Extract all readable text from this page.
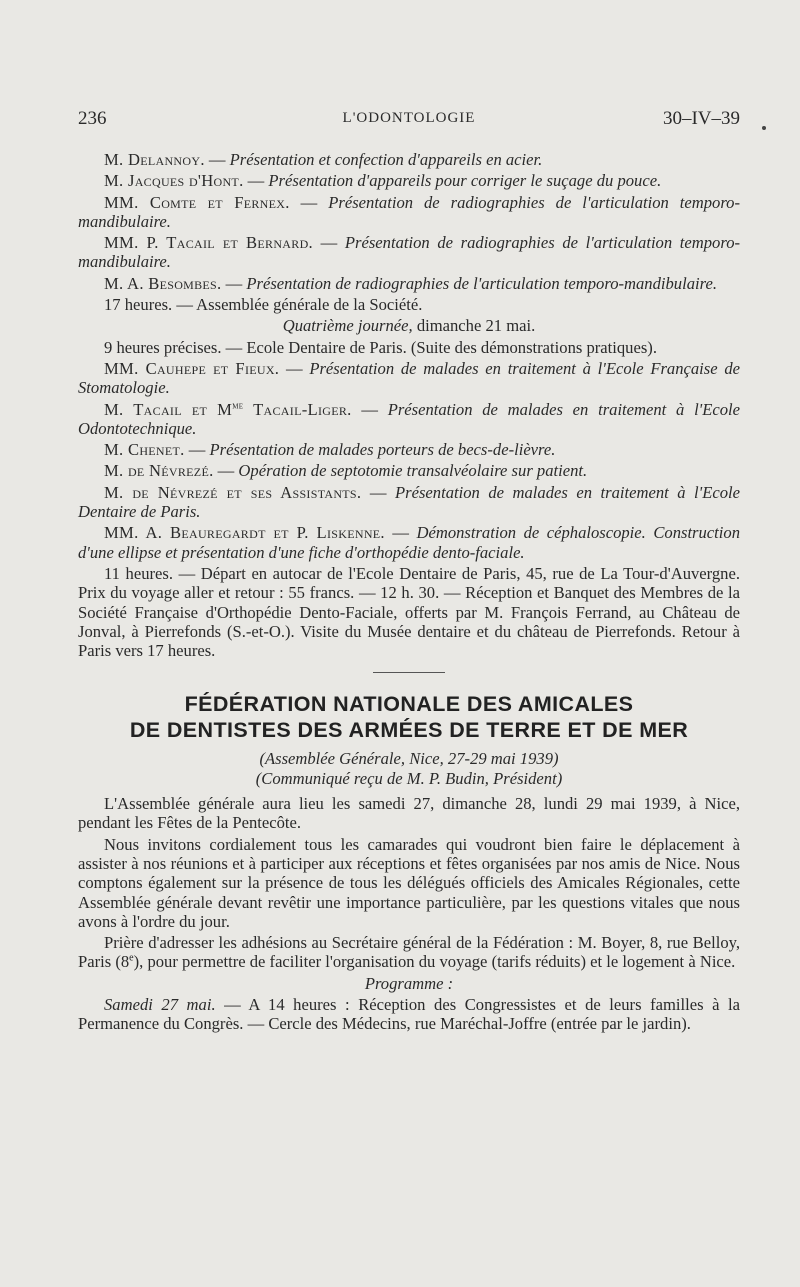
236	L'ODONTOLOGIE	30–IV–39

M. Delannoy. — Présentation et confection d'appareils en acier.

M. Jacques d'Hont. — Présentation d'appareils pour corriger le suçage du pouce.

MM. Comte et Fernex. — Présentation de radiographies de l'articulation temporo-mandibulaire.

MM. P. Tacail et Bernard. — Présentation de radiographies de l'articulation temporo-mandibulaire.

M. A. Besombes. — Présentation de radiographies de l'articulation temporo-mandibulaire.

17 heures. — Assemblée générale de la Société.

Quatrième journée, dimanche 21 mai.

9 heures précises. — Ecole Dentaire de Paris. (Suite des démonstrations pratiques).

MM. Cauhepe et Fieux. — Présentation de malades en traitement à l'Ecole Française de Stomatologie.

M. Tacail et $M^{me}$ Tacail-Liger. — Présentation de malades en traitement à l'Ecole Odontotechnique.

M. Chenet. — Présentation de malades porteurs de becs-de-lièvre.

M. de Névrezé. — Opération de septotomie transalvéolaire sur patient.

M. de Névrezé et ses Assistants. — Présentation de malades en traitement à l'Ecole Dentaire de Paris.

MM. A. Beauregardt et P. Liskenne. — Démonstration de céphaloscopie. Construction d'une ellipse et présentation d'une fiche d'orthopédie dento-faciale.

11 heures. — Départ en autocar de l'Ecole Dentaire de Paris, 45, rue de La Tour-d'Auvergne. Prix du voyage aller et retour : 55 francs. — 12 h. 30. — Réception et Banquet des Membres de la Société Française d'Orthopédie Dento-Faciale, offerts par M. François Ferrand, au Château de Jonval, à Pierrefonds (S.-et-O.). Visite du Musée dentaire et du château de Pierrefonds. Retour à Paris vers 17 heures.

FÉDÉRATION NATIONALE DES AMICALES
DE DENTISTES DES ARMÉES DE TERRE ET DE MER

(Assemblée Générale, Nice, 27-29 mai 1939)

(Communiqué reçu de M. P. Budin, Président)

L'Assemblée générale aura lieu les samedi 27, dimanche 28, lundi 29 mai 1939, à Nice, pendant les Fêtes de la Pentecôte.

Nous invitons cordialement tous les camarades qui voudront bien faire le déplacement à assister à nos réunions et à participer aux réceptions et fêtes organisées par nos amis de Nice. Nous comptons également sur la présence de tous les délégués officiels des Amicales Régionales, cette Assemblée générale devant revêtir une importance particulière, par les questions vitales que nous avons à l'ordre du jour.

Prière d'adresser les adhésions au Secrétaire général de la Fédération : M. Boyer, 8, rue Belloy, Paris (8e), pour permettre de faciliter l'organisation du voyage (tarifs réduits) et le logement à Nice.

Programme :

Samedi 27 mai. — A 14 heures : Réception des Congressistes et de leurs familles à la Permanence du Congrès. — Cercle des Médecins, rue Maréchal-Joffre (entrée par le jardin).
